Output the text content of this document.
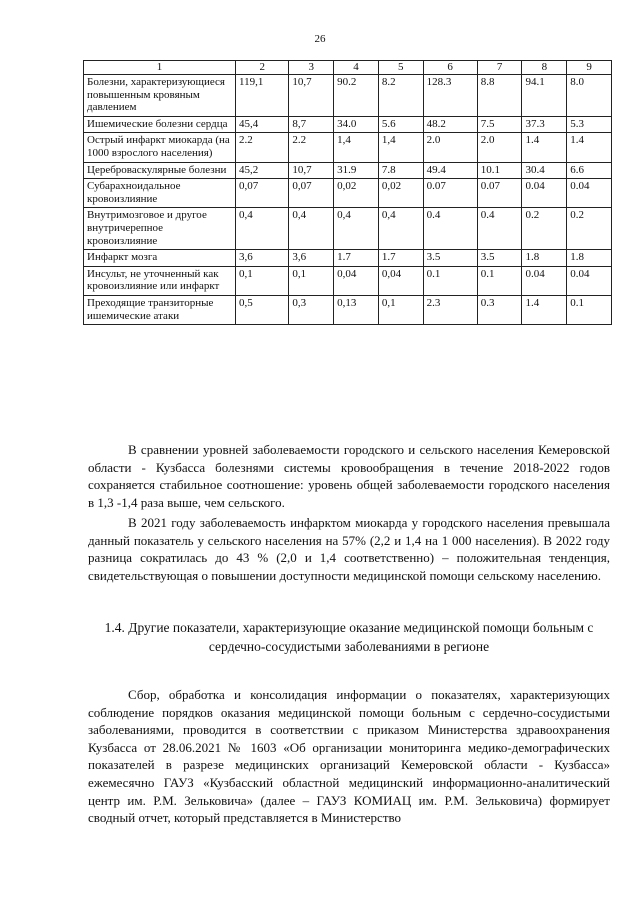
26
1	2	3	4	5	6	7	8	9
Болезни, характеризующиеся повышенным кровяным давлением	119,1	10,7	90.2	8.2	128.3	8.8	94.1	8.0
Ишемические болезни сердца	45,4	8,7	34.0	5.6	48.2	7.5	37.3	5.3
Острый инфаркт миокарда (на 1000 взрослого населения)	2.2	2.2	1,4	1,4	2.0	2.0	1.4	1.4
Цереброваскулярные болезни	45,2	10,7	31.9	7.8	49.4	10.1	30.4	6.6
Субарахноидальное кровоизлияние	0,07	0,07	0,02	0,02	0.07	0.07	0.04	0.04
Внутримозговое и другое внутричерепное кровоизлияние	0,4	0,4	0,4	0,4	0.4	0.4	0.2	0.2
Инфаркт мозга	3,6	3,6	1.7	1.7	3.5	3.5	1.8	1.8
Инсульт, не уточненный как кровоизлияние или инфаркт	0,1	0,1	0,04	0,04	0.1	0.1	0.04	0.04
Преходящие транзиторные ишемические атаки	0,5	0,3	0,13	0,1	2.3	0.3	1.4	0.1

В сравнении уровней заболеваемости городского и сельского населения Кемеровской области - Кузбасса болезнями системы кровообращения в течение 2018-2022 годов сохраняется стабильное соотношение: уровень общей заболеваемости городского населения в 1,3 -1,4 раза выше, чем сельского.

В 2021 году заболеваемость инфарктом миокарда у городского населения превышала данный показатель у сельского населения на 57% (2,2 и 1,4 на 1 000 населения). В 2022 году разница сократилась до 43 % (2,0 и 1,4 соответственно) – положительная тенденция, свидетельствующая о повышении доступности медицинской помощи сельскому населению.

1.4. Другие показатели, характеризующие оказание медицинской помощи больным с сердечно-сосудистыми заболеваниями в регионе

Сбор, обработка и консолидация информации о показателях, характеризующих соблюдение порядков оказания медицинской помощи больным с сердечно-сосудистыми заболеваниями, проводится в соответствии с приказом Министерства здравоохранения Кузбасса от 28.06.2021 № 1603 «Об организации мониторинга медико-демографических показателей в разрезе медицинских организаций Кемеровской области - Кузбасса» ежемесячно ГАУЗ «Кузбасский областной медицинский информационно-аналитический центр им. Р.М. Зельковича» (далее – ГАУЗ КОМИАЦ им. Р.М. Зельковича) формирует сводный отчет, который представляется в Министерство
